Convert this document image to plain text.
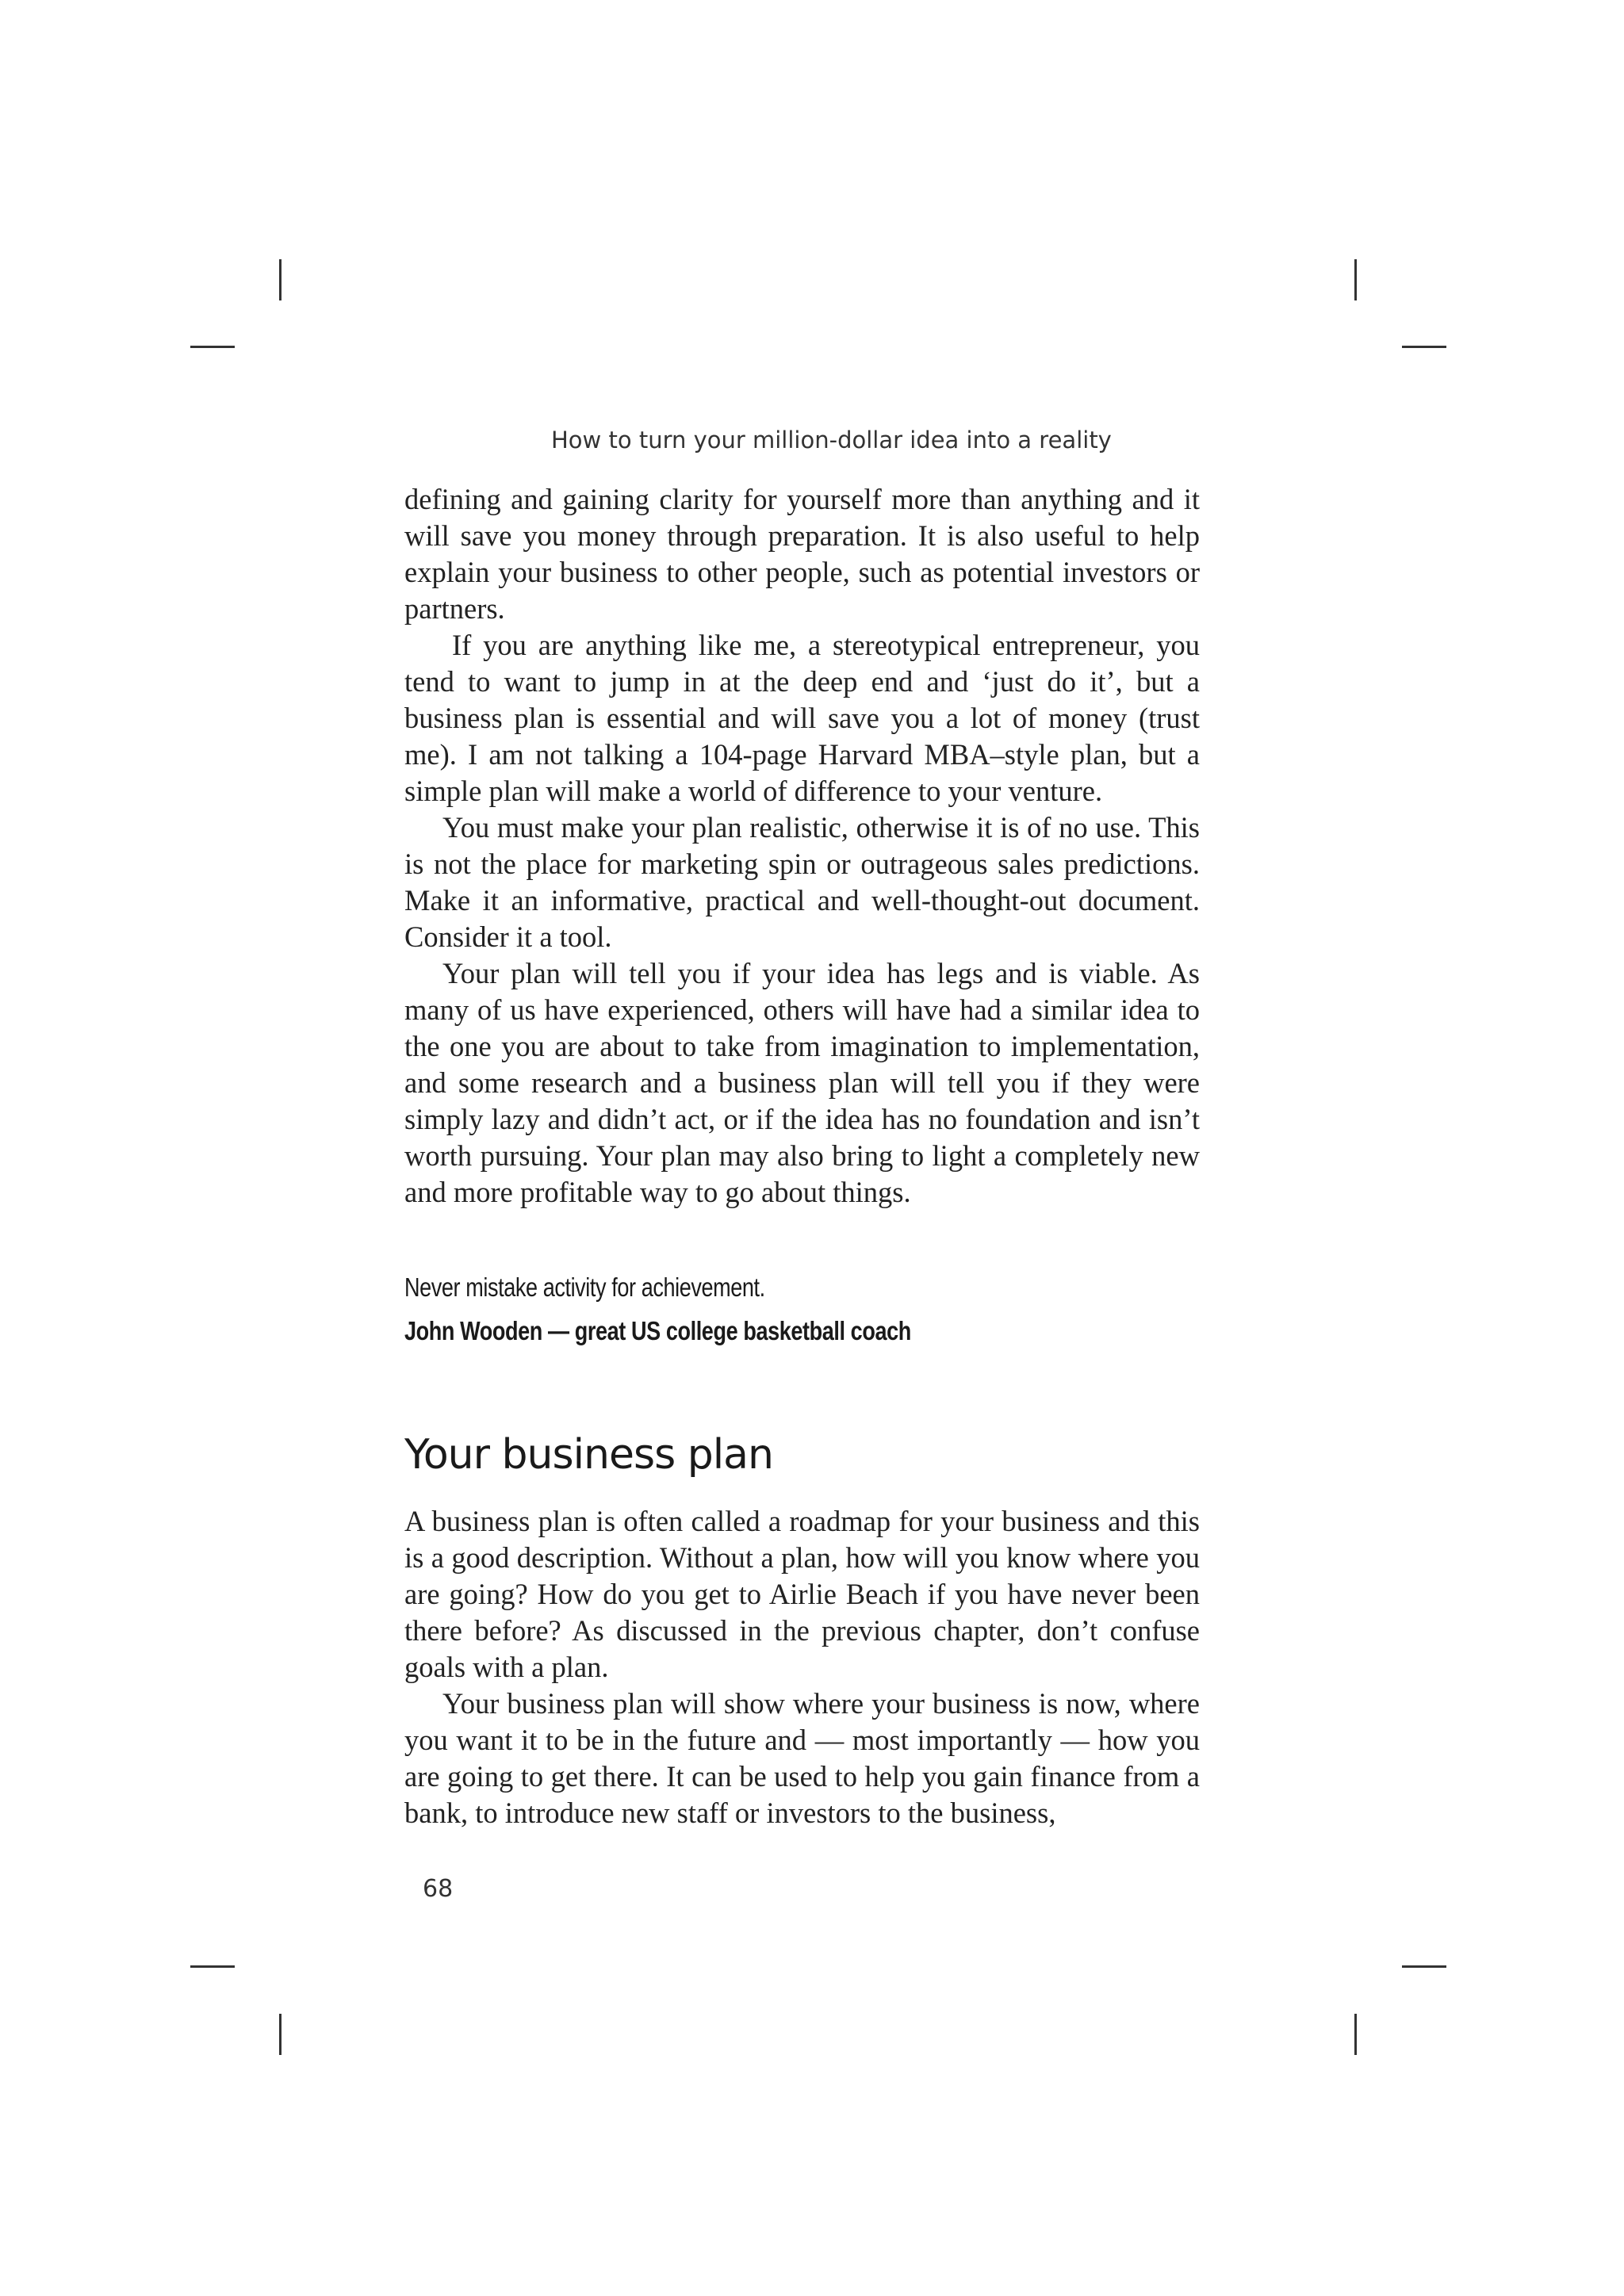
How to turn your million-dollar idea into a reality

defining and gaining clarity for yourself more than anything and it will save you money through preparation. It is also useful to help explain your business to other people, such as potential investors or partners.

If you are anything like me, a stereotypical entrepreneur, you tend to want to jump in at the deep end and ‘just do it’, but a business plan is essential and will save you a lot of money (trust me). I am not talking a 104-page Harvard MBA–style plan, but a simple plan will make a world of difference to your venture.

You must make your plan realistic, otherwise it is of no use. This is not the place for marketing spin or outrageous sales predictions. Make it an informative, practical and well-thought-out document. Consider it a tool.

Your plan will tell you if your idea has legs and is viable. As many of us have experienced, others will have had a similar idea to the one you are about to take from imagination to implementation, and some research and a business plan will tell you if they were simply lazy and didn’t act, or if the idea has no foundation and isn’t worth pursuing. Your plan may also bring to light a completely new and more profitable way to go about things.

Never mistake activity for achievement.
John Wooden — great US college basketball coach
Your business plan

A business plan is often called a roadmap for your business and this is a good description. Without a plan, how will you know where you are going? How do you get to Airlie Beach if you have never been there before? As discussed in the previous chapter, don’t confuse goals with a plan.

Your business plan will show where your business is now, where you want it to be in the future and — most importantly — how you are going to get there. It can be used to help you gain finance from a bank, to introduce new staff or investors to the business,

68
